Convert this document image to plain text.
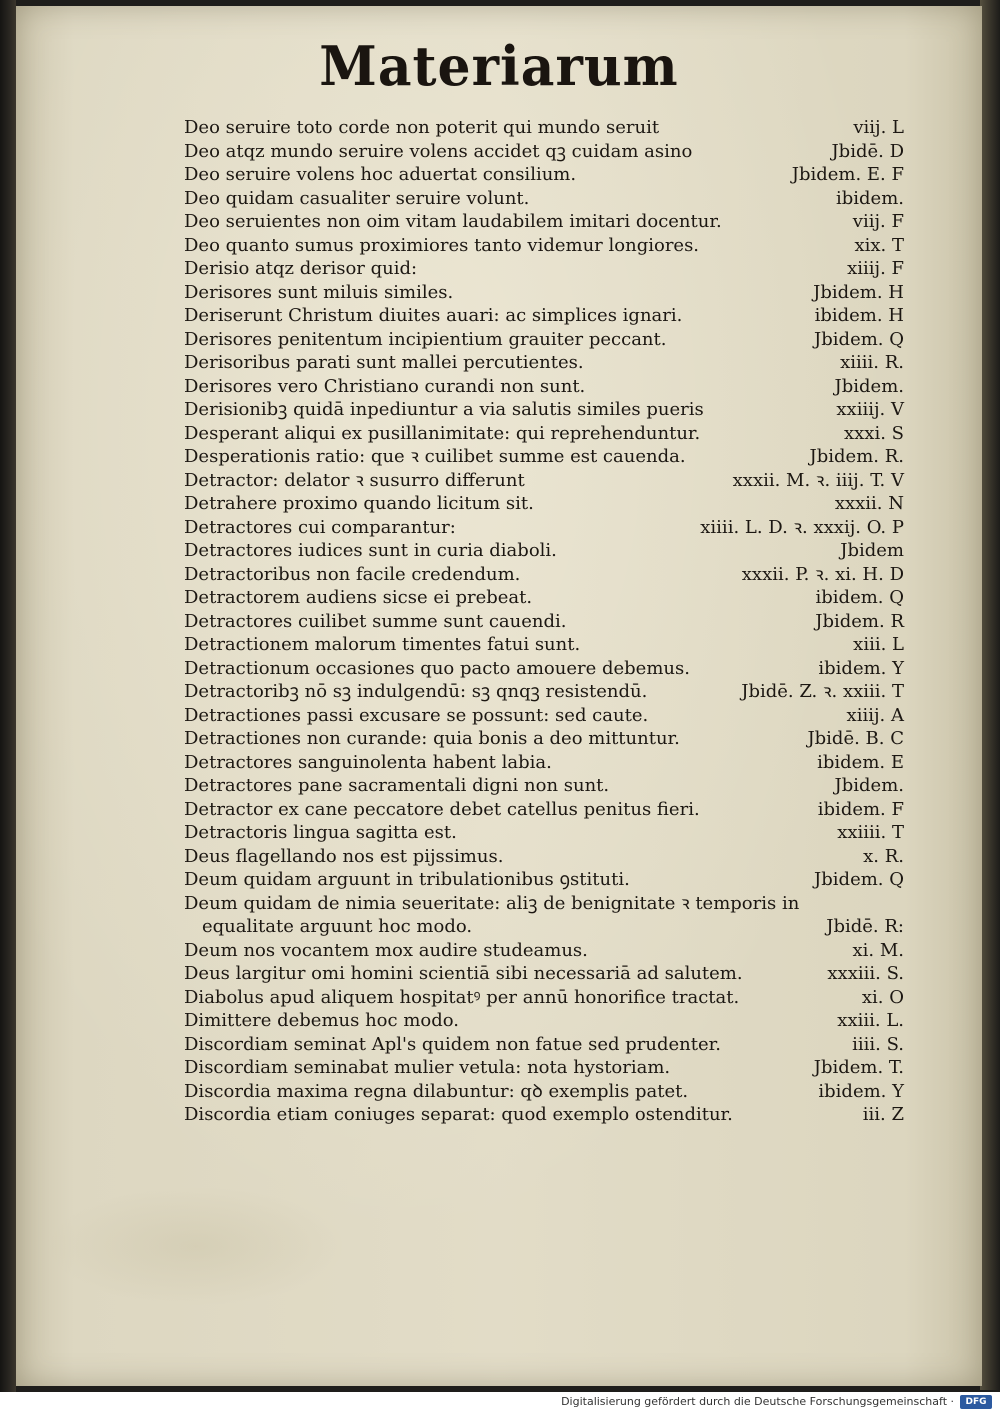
Materiarum
Deo seruire toto corde non poterit qui mundo seruit	viij. L
Deo atqz mundo seruire volens accidet qꝫ cuidam asino	Jbidē. D
Deo seruire volens hoc aduertat consilium.	Jbidem. E. F
Deo quidam casualiter seruire volunt.	ibidem.
Deo seruientes non oim vitam laudabilem imitari docentur.	viij. F
Deo quanto sumus proximiores tanto videmur longiores.	xix. T
Derisio atqz derisor quid:	xiiij. F
Derisores sunt miluis similes.	Jbidem. H
Deriserunt Christum diuites auari: ac simplices ignari.	ibidem. H
Derisores penitentum incipientium grauiter peccant.	Jbidem. Q
Derisoribus parati sunt mallei percutientes.	xiiii. R.
Derisores vero Christiano curandi non sunt.	Jbidem.
Derisionibꝫ quidā inpediuntur a via salutis similes pueris	xxiiij. V
Desperant aliqui ex pusillanimitate: qui reprehenduntur.	xxxi. S
Desperationis ratio: que ꝛ cuilibet summe est cauenda.	Jbidem. R.
Detractor: delator ꝛ susurro differunt	xxxii. M. ꝛ. iiij. T. V
Detrahere proximo quando licitum sit.	xxxii. N
Detractores cui comparantur:	xiiii. L. D. ꝛ. xxxij. O. P
Detractores iudices sunt in curia diaboli.	Jbidem
Detractoribus non facile credendum.	xxxii. P. ꝛ. xi. H. D
Detractorem audiens sicse ei prebeat.	ibidem. Q
Detractores cuilibet summe sunt cauendi.	Jbidem. R
Detractionem malorum timentes fatui sunt.	xiii. L
Detractionum occasiones quo pacto amouere debemus.	ibidem. Y
Detractoribꝫ nō sꝫ indulgendū: sꝫ qnqꝫ resistendū.	Jbidē. Z. ꝛ. xxiii. T
Detractiones passi excusare se possunt: sed caute.	xiiij. A
Detractiones non curande: quia bonis a deo mittuntur.	Jbidē. B. C
Detractores sanguinolenta habent labia.	ibidem. E
Detractores pane sacramentali digni non sunt.	Jbidem.
Detractor ex cane peccatore debet catellus penitus fieri.	ibidem. F
Detractoris lingua sagitta est.	xxiiii. T
Deus flagellando nos est pijssimus.	x. R.
Deum quidam arguunt in tribulationibus ꝯstituti.	Jbidem. Q
Deum quidam de nimia seueritate: aliꝫ de benignitate ꝛ temporis in
equalitate arguunt hoc modo.	Jbidē. R:
Deum nos vocantem mox audire studeamus.	xi. M.
Deus largitur omi homini scientiā sibi necessariā ad salutem.	xxxiii. S.
Diabolus apud aliquem hospitatꝰ per annū honorifice tractat.	xi. O
Dimittere debemus hoc modo.	xxiii. L.
Discordiam seminat Apl's quidem non fatue sed prudenter.	iiii. S.
Discordiam seminabat mulier vetula: nota hystoriam.	Jbidem. T.
Discordia maxima regna dilabuntur: qꝺ exemplis patet.	ibidem. Y
Discordia etiam coniuges separat: quod exemplo ostenditur.	iii. Z
Digitalisierung gefördert durch die Deutsche Forschungsgemeinschaft ·	DFG
